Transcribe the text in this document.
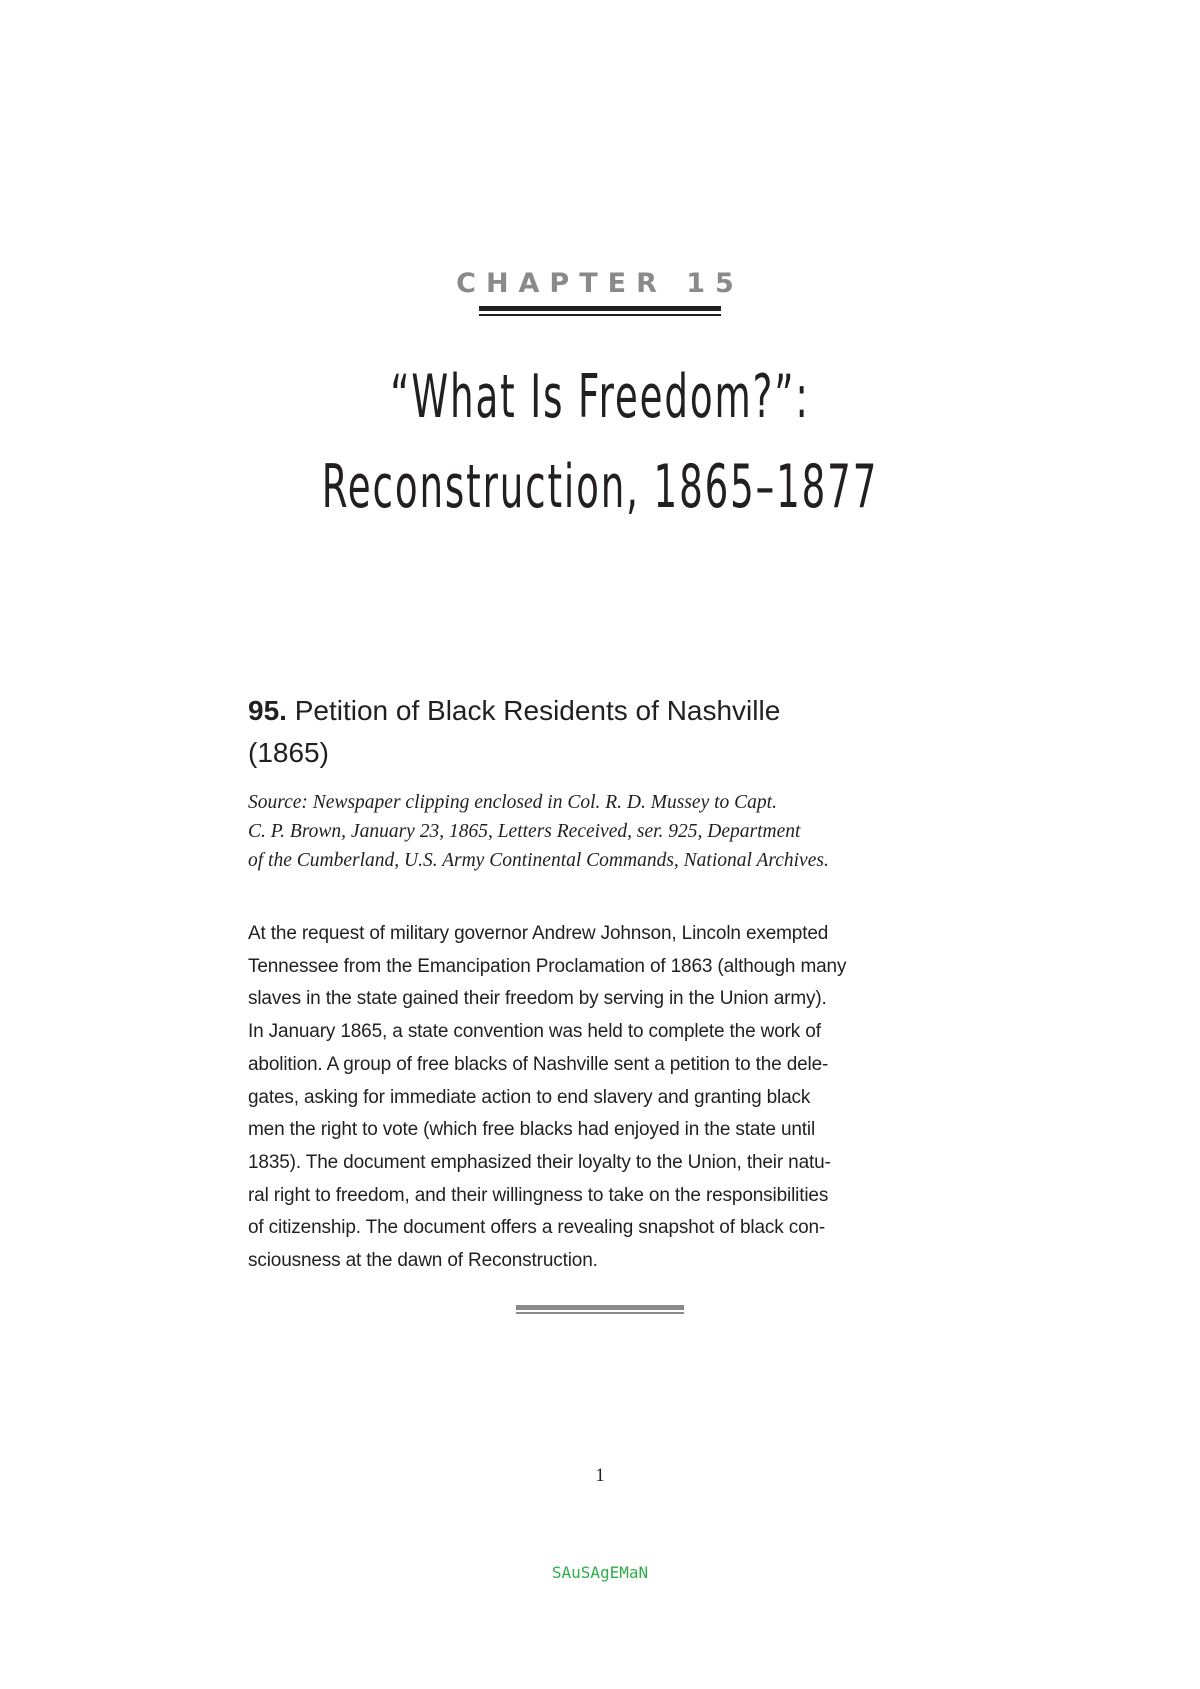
CHAPTER 15
“What Is Freedom?”:
Reconstruction, 1865–1877
95. Petition of Black Residents of Nashville
(1865)
Source: Newspaper clipping enclosed in Col. R. D. Mussey to Capt.
C. P. Brown, January 23, 1865, Letters Received, ser. 925, Department
of the Cumberland, U.S. Army Continental Commands, National Archives.
At the request of military governor Andrew Johnson, Lincoln exempted
Tennessee from the Emancipation Proclamation of 1863 (although many
slaves in the state gained their freedom by serving in the Union army).
In January 1865, a state convention was held to complete the work of
abolition. A group of free blacks of Nashville sent a petition to the dele-
gates, asking for immediate action to end slavery and granting black
men the right to vote (which free blacks had enjoyed in the state until
1835). The document emphasized their loyalty to the Union, their natu-
ral right to freedom, and their willingness to take on the responsibilities
of citizenship. The document offers a revealing snapshot of black con-
sciousness at the dawn of Reconstruction.
1
SAuSAgEMaN
